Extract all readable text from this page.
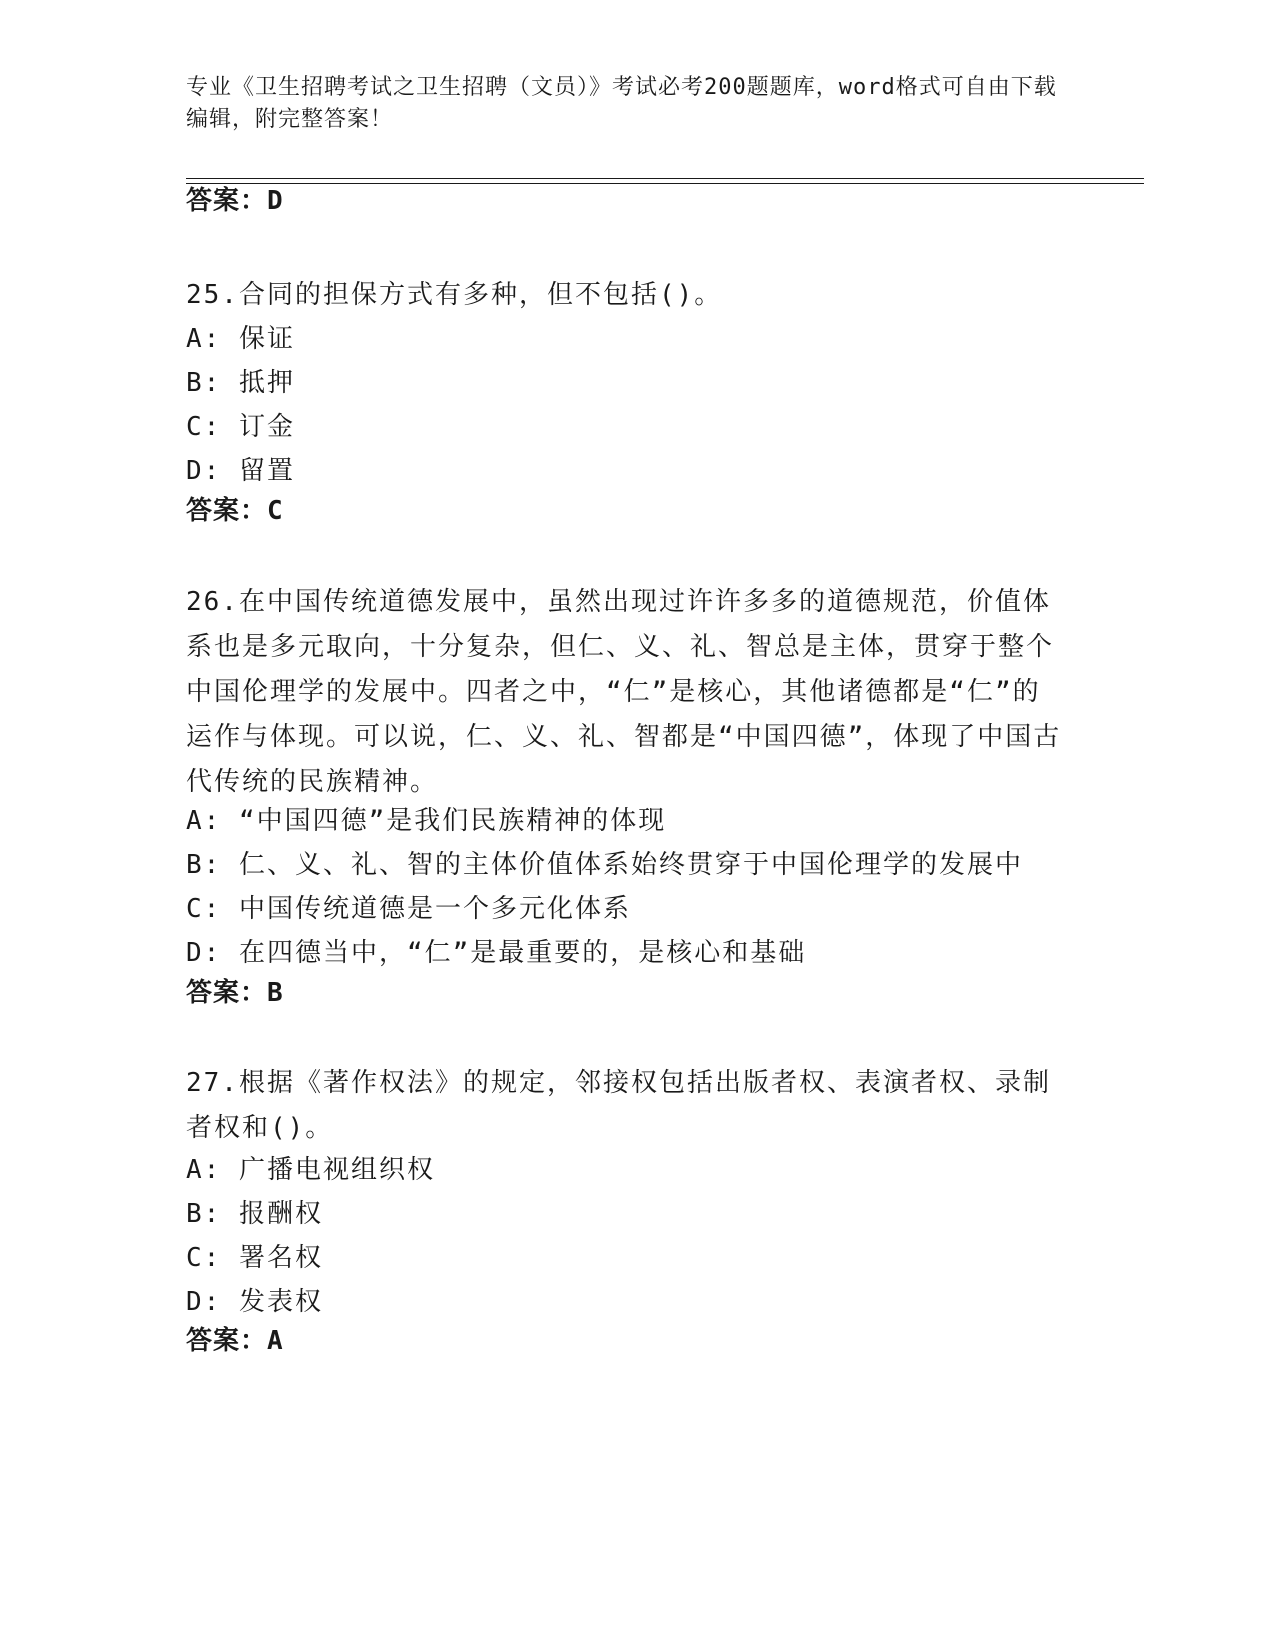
专业《卫生招聘考试之卫生招聘（文员）》考试必考200题题库，word格式可自由下载编辑，附完整答案！
答案：D
25.合同的担保方式有多种，但不包括()。
A: 保证
B: 抵押
C: 订金
D: 留置
答案：C
26.在中国传统道德发展中，虽然出现过许许多多的道德规范，价值体系也是多元取向，十分复杂，但仁、义、礼、智总是主体，贯穿于整个中国伦理学的发展中。四者之中，“仁”是核心，其他诸德都是“仁”的运作与体现。可以说，仁、义、礼、智都是“中国四德”，体现了中国古代传统的民族精神。
A: “中国四德”是我们民族精神的体现
B: 仁、义、礼、智的主体价值体系始终贯穿于中国伦理学的发展中
C: 中国传统道德是一个多元化体系
D: 在四德当中，“仁”是最重要的，是核心和基础
答案：B
27.根据《著作权法》的规定，邻接权包括出版者权、表演者权、录制者权和()。
A: 广播电视组织权
B: 报酬权
C: 署名权
D: 发表权
答案：A
